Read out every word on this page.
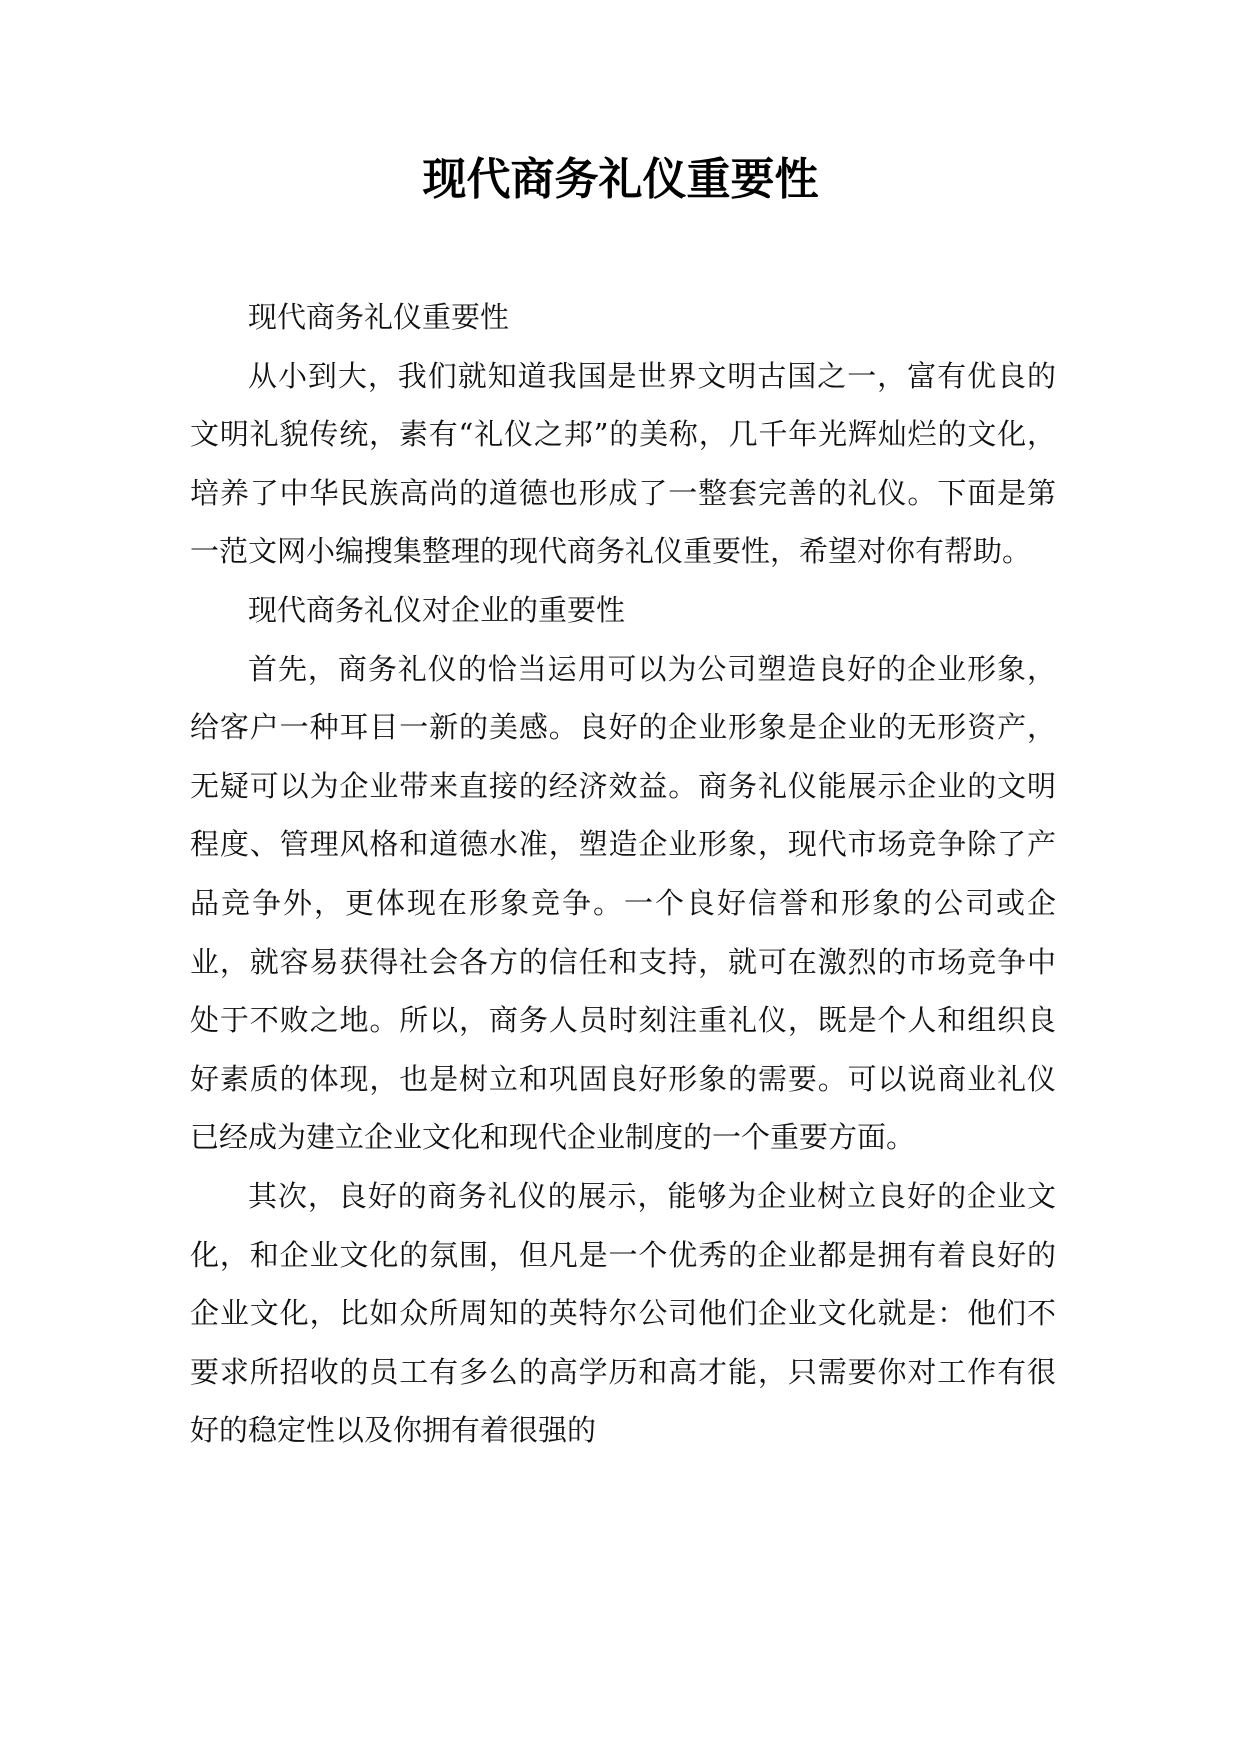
现代商务礼仪重要性

现代商务礼仪重要性

从小到大，我们就知道我国是世界文明古国之一，富有优良的文明礼貌传统，素有“礼仪之邦”的美称，几千年光辉灿烂的文化，培养了中华民族高尚的道德也形成了一整套完善的礼仪。下面是第一范文网小编搜集整理的现代商务礼仪重要性，希望对你有帮助。

现代商务礼仪对企业的重要性

首先，商务礼仪的恰当运用可以为公司塑造良好的企业形象，给客户一种耳目一新的美感。良好的企业形象是企业的无形资产，无疑可以为企业带来直接的经济效益。商务礼仪能展示企业的文明程度、管理风格和道德水准，塑造企业形象，现代市场竞争除了产品竞争外，更体现在形象竞争。一个良好信誉和形象的公司或企业，就容易获得社会各方的信任和支持，就可在激烈的市场竞争中处于不败之地。所以，商务人员时刻注重礼仪，既是个人和组织良好素质的体现，也是树立和巩固良好形象的需要。可以说商业礼仪已经成为建立企业文化和现代企业制度的一个重要方面。

其次，良好的商务礼仪的展示，能够为企业树立良好的企业文化，和企业文化的氛围，但凡是一个优秀的企业都是拥有着良好的企业文化，比如众所周知的英特尔公司他们企业文化就是：他们不要求所招收的员工有多么的高学历和高才能，只需要你对工作有很好的稳定性以及你拥有着很强的
